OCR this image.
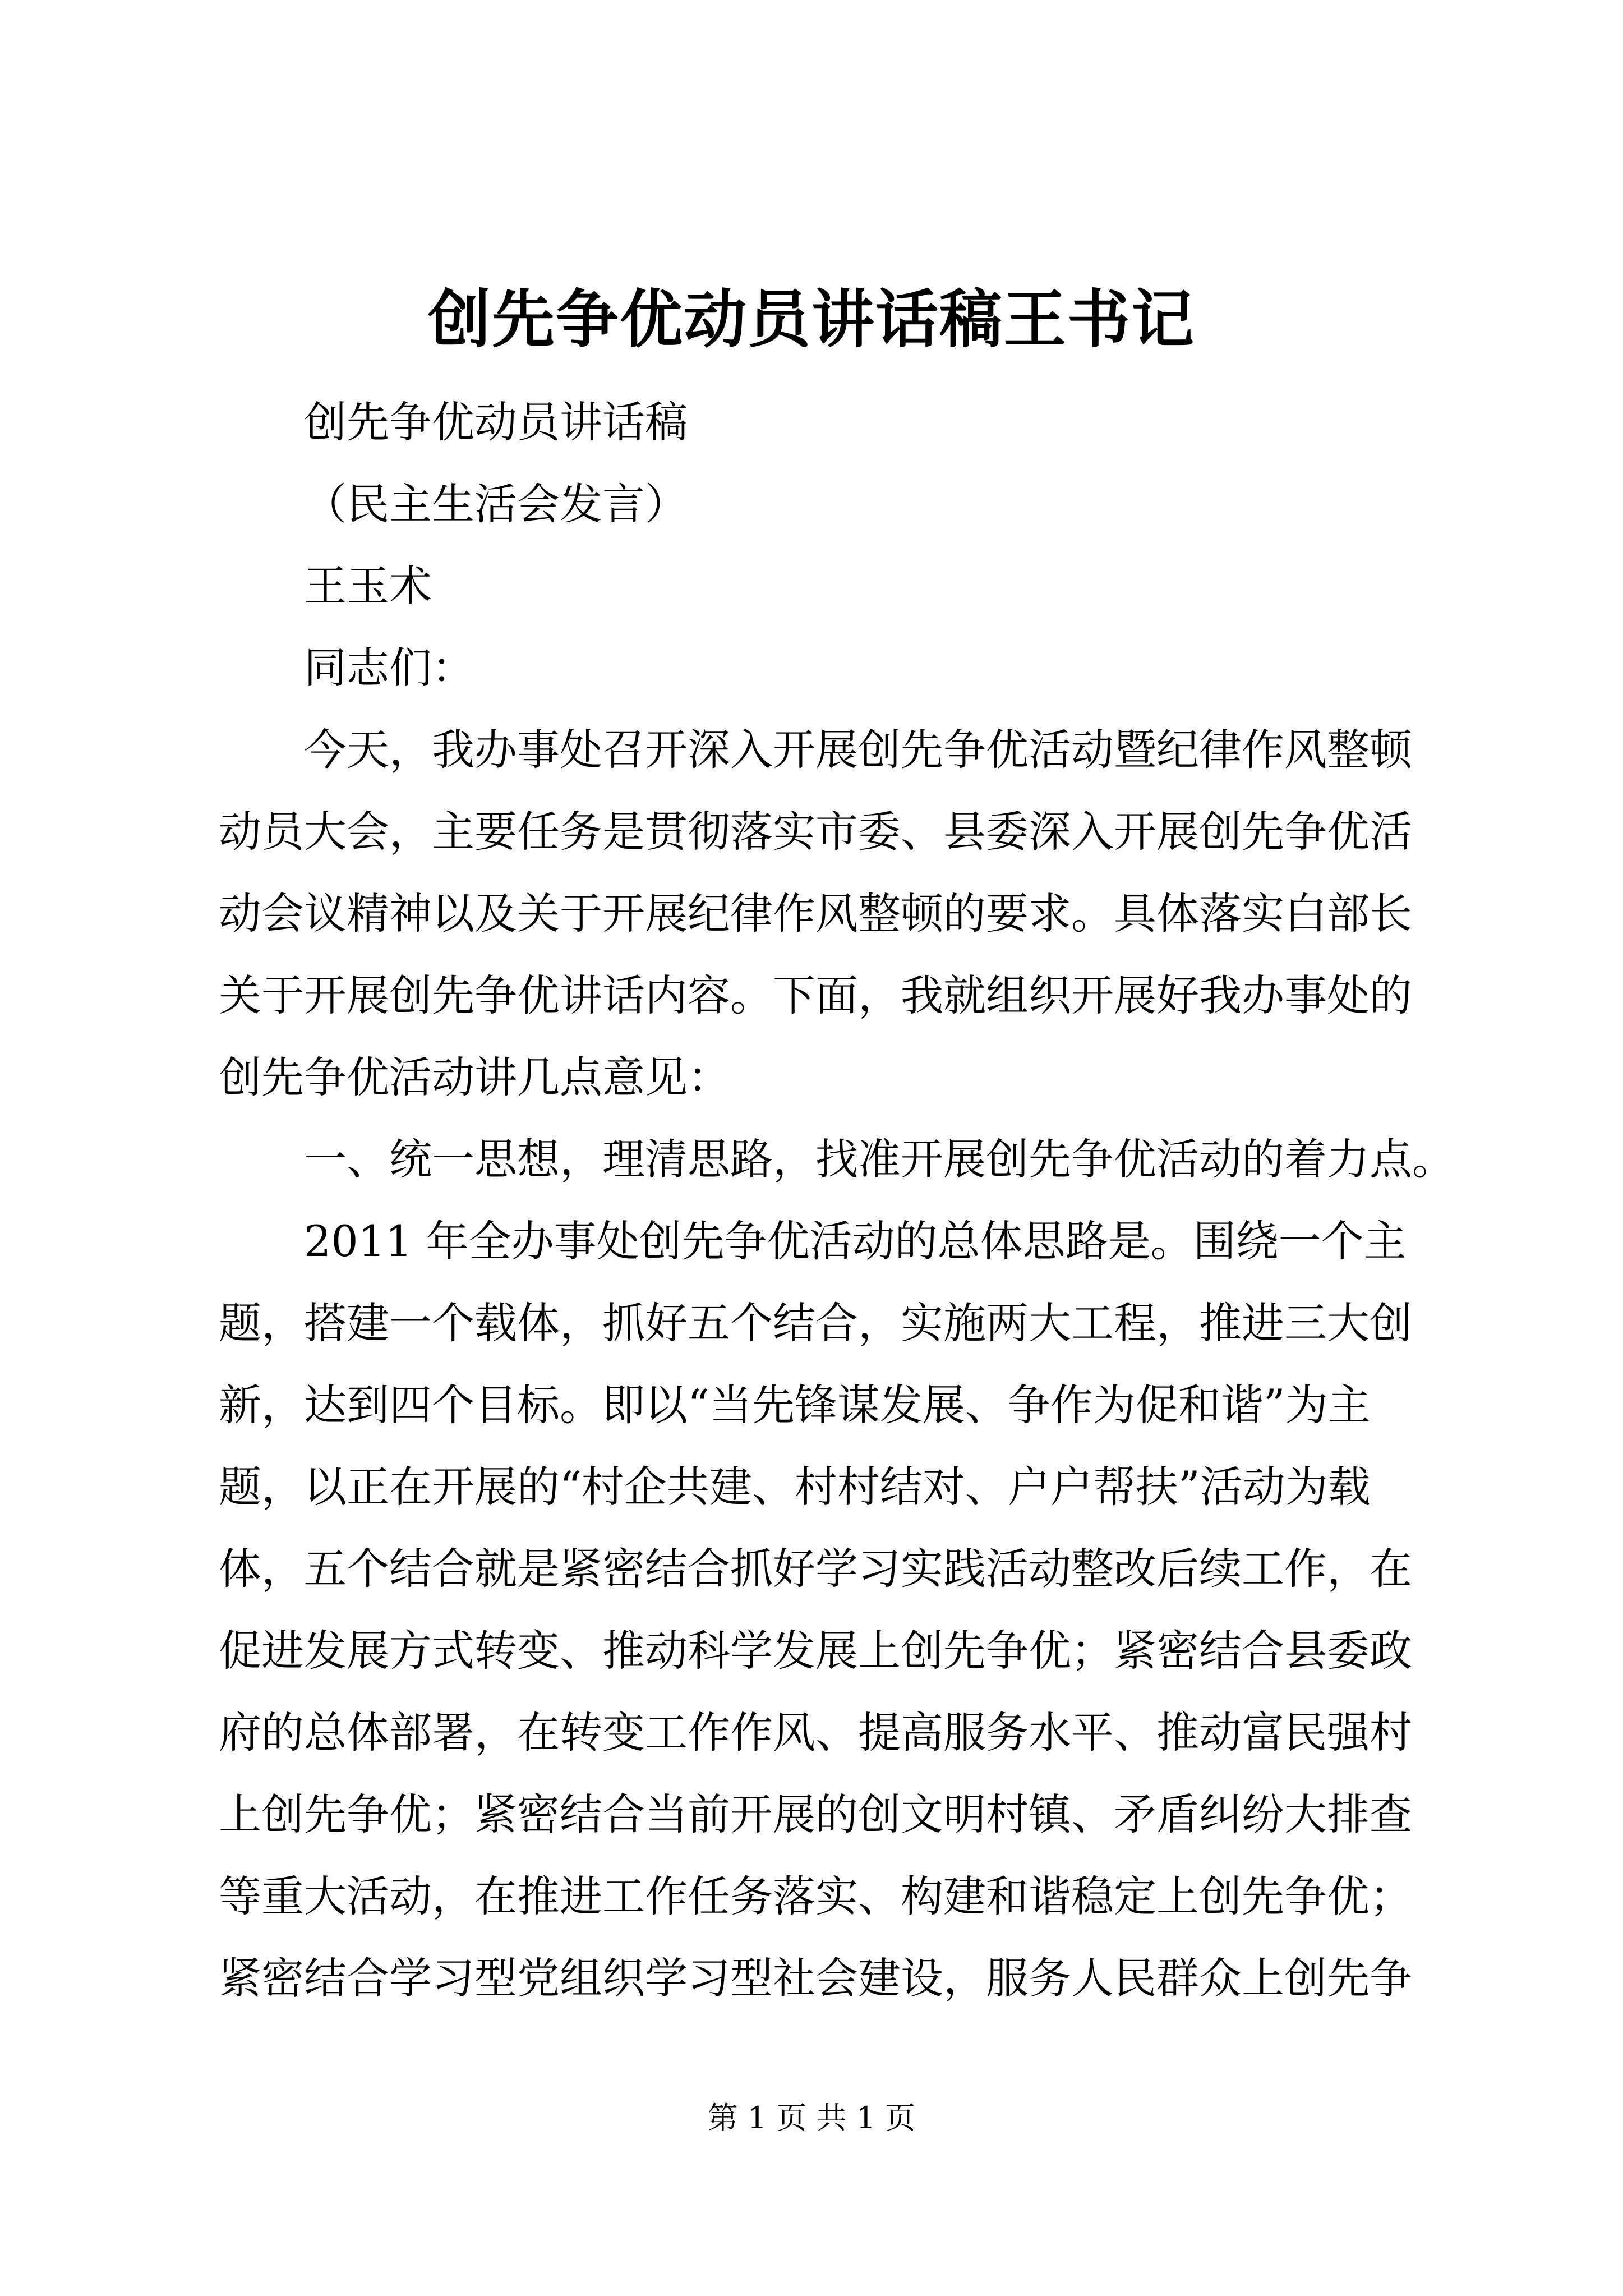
创先争优动员讲话稿王书记
创先争优动员讲话稿
（民主生活会发言）
王玉术
同志们：
今天，我办事处召开深入开展创先争优活动暨纪律作风整顿
动员大会，主要任务是贯彻落实市委、县委深入开展创先争优活
动会议精神以及关于开展纪律作风整顿的要求。具体落实白部长
关于开展创先争优讲话内容。下面，我就组织开展好我办事处的
创先争优活动讲几点意见：
一、统一思想，理清思路，找准开展创先争优活动的着力点。
2011 年全办事处创先争优活动的总体思路是。围绕一个主
题，搭建一个载体，抓好五个结合，实施两大工程，推进三大创
新，达到四个目标。即以“当先锋谋发展、争作为促和谐”为主
题，以正在开展的“村企共建、村村结对、户户帮扶”活动为载
体，五个结合就是紧密结合抓好学习实践活动整改后续工作，在
促进发展方式转变、推动科学发展上创先争优；紧密结合县委政
府的总体部署，在转变工作作风、提高服务水平、推动富民强村
上创先争优；紧密结合当前开展的创文明村镇、矛盾纠纷大排查
等重大活动，在推进工作任务落实、构建和谐稳定上创先争优；
紧密结合学习型党组织学习型社会建设，服务人民群众上创先争
第 1 页 共 1 页
